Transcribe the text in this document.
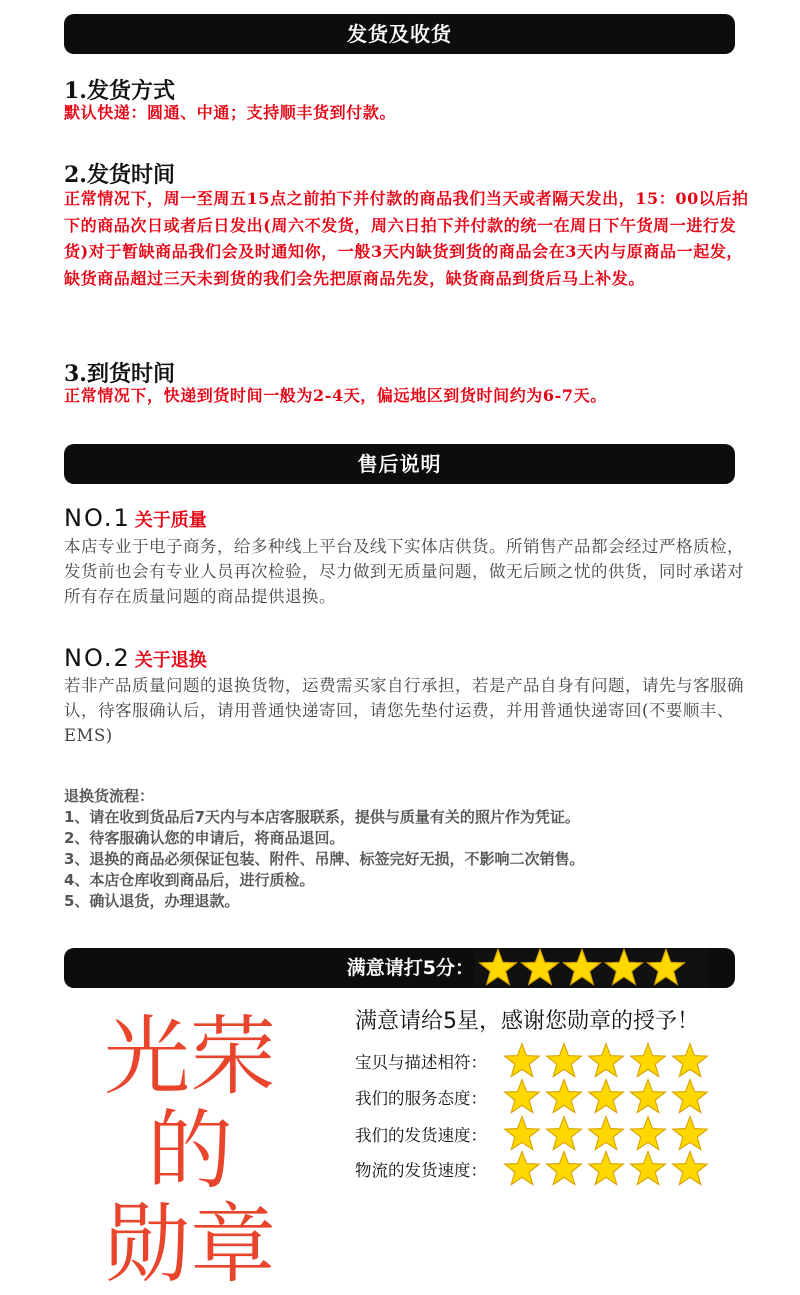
发货及收货
1.发货方式
默认快递：圆通、中通；支持顺丰货到付款。
2.发货时间
正常情况下，周一至周五15点之前拍下并付款的商品我们当天或者隔天发出，15：00以后拍下的商品次日或者后日发出(周六不发货，周六日拍下并付款的统一在周日下午货周一进行发货)对于暂缺商品我们会及时通知你，一般3天内缺货到货的商品会在3天内与原商品一起发，缺货商品超过三天未到货的我们会先把原商品先发，缺货商品到货后马上补发。
3.到货时间
正常情况下，快递到货时间一般为2-4天，偏远地区到货时间约为6-7天。
售后说明
NO.1 关于质量
本店专业于电子商务，给多种线上平台及线下实体店供货。所销售产品都会经过严格质检，发货前也会有专业人员再次检验，尽力做到无质量问题，做无后顾之忧的供货，同时承诺对所有存在质量问题的商品提供退换。
NO.2 关于退换
若非产品质量问题的退换货物，运费需买家自行承担，若是产品自身有问题，请先与客服确认，待客服确认后，请用普通快递寄回，请您先垫付运费，并用普通快递寄回(不要顺丰、EMS)
退换货流程：
1、请在收到货品后7天内与本店客服联系，提供与质量有关的照片作为凭证。
2、待客服确认您的申请后，将商品退回。
3、退换的商品必须保证包装、附件、吊牌、标签完好无损，不影响二次销售。
4、本店仓库收到商品后，进行质检。
5、确认退货，办理退款。
满意请打5分：
光荣的
勋章
满意请给5星，感谢您勋章的授予！
宝贝与描述相符：
我们的服务态度：
我们的发货速度：
物流的发货速度：
